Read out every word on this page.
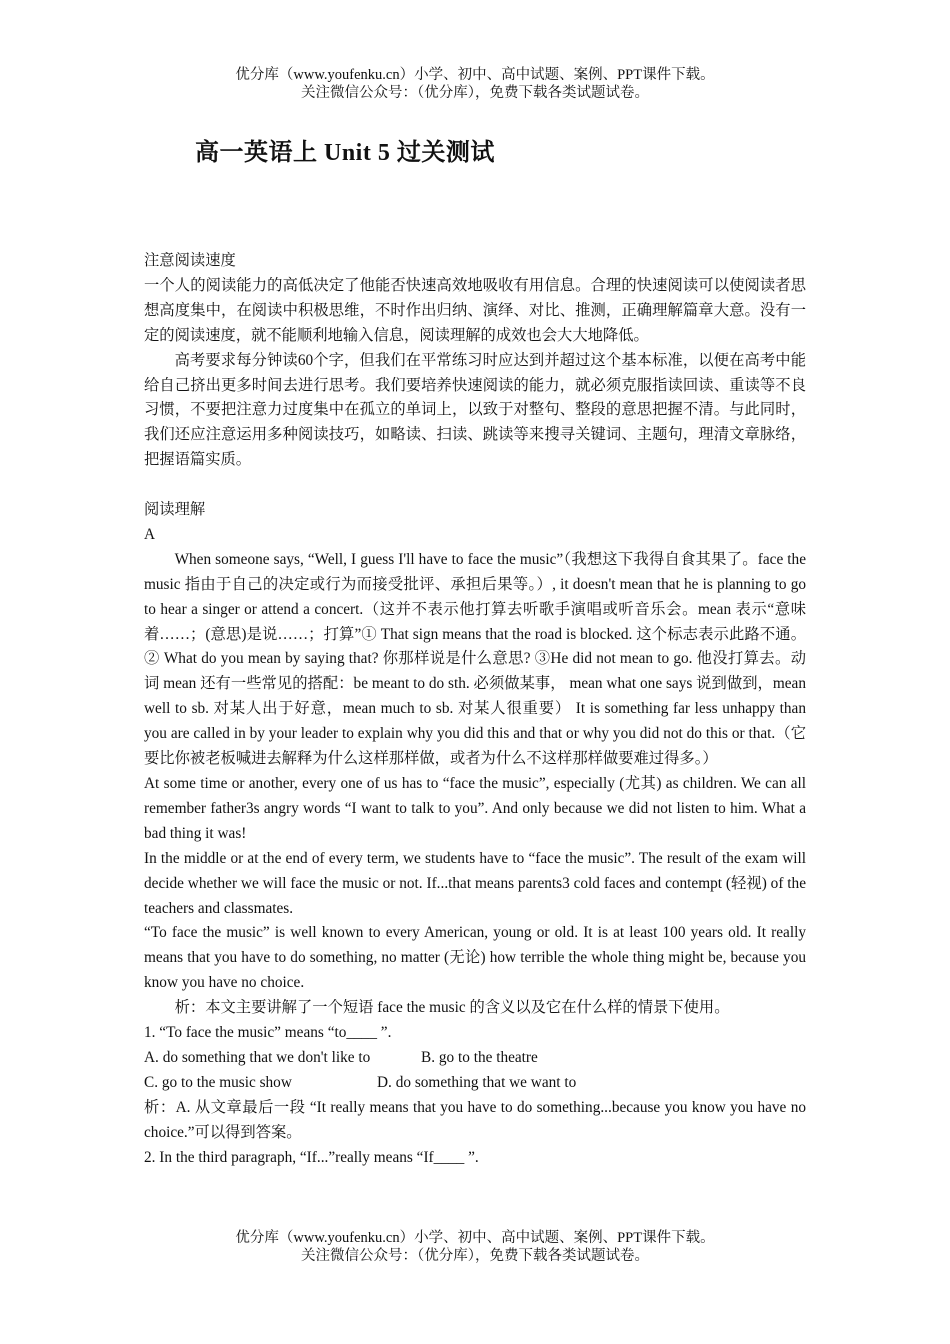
优分库（www.youfenku.cn）小学、初中、高中试题、案例、PPT课件下载。
关注微信公众号：（优分库），免费下载各类试题试卷。
高一英语上 Unit 5 过关测试

注意阅读速度

一个人的阅读能力的高低决定了他能否快速高效地吸收有用信息。合理的快速阅读可以使阅读者思想高度集中，在阅读中积极思维，不时作出归纳、演绎、对比、推测，正确理解篇章大意。没有一定的阅读速度，就不能顺利地输入信息，阅读理解的成效也会大大地降低。

高考要求每分钟读60个字，但我们在平常练习时应达到并超过这个基本标准，以便在高考中能给自己挤出更多时间去进行思考。我们要培养快速阅读的能力，就必须克服指读回读、重读等不良习惯，不要把注意力过度集中在孤立的单词上，以致于对整句、整段的意思把握不清。与此同时，我们还应注意运用多种阅读技巧，如略读、扫读、跳读等来搜寻关键词、主题句，理清文章脉络，把握语篇实质。

阅读理解

A

When someone says, “Well, I guess I'll have to face the music”（我想这下我得自食其果了。face the music 指由于自己的决定或行为而接受批评、承担后果等。）, it doesn't mean that he is planning to go to hear a singer or attend a concert.（这并不表示他打算去听歌手演唱或听音乐会。mean 表示“意味着……；(意思)是说……；打算”① That sign means that the road is blocked. 这个标志表示此路不通。② What do you mean by saying that? 你那样说是什么意思? ③He did not mean to go. 他没打算去。动词 mean 还有一些常见的搭配：be meant to do sth. 必须做某事， mean what one says 说到做到，mean well to sb. 对某人出于好意，mean much to sb. 对某人很重要） It is something far less unhappy than you are called in by your leader to explain why you did this and that or why you did not do this or that.（它要比你被老板喊进去解释为什么这样那样做，或者为什么不这样那样做要难过得多。）

At some time or another, every one of us has to “face the music”, especially (尤其) as children. We can all remember father3s angry words “I want to talk to you”. And only because we did not listen to him. What a bad thing it was!

In the middle or at the end of every term, we students have to “face the music”. The result of the exam will decide whether we will face the music or not. If...that means parents3 cold faces and contempt (轻视) of the teachers and classmates.

“To face the music” is well known to every American, young or old. It is at least 100 years old. It really means that you have to do something, no matter (无论) how terrible the whole thing might be, because you know you have no choice.

析：本文主要讲解了一个短语 face the music 的含义以及它在什么样的情景下使用。

1. “To face the music” means “to____ ”.

A. do something that we don't like to	B. go to the theatre
C. go to the music show	D. do something that we want to

析：A. 从文章最后一段 “It really means that you have to do something...because you know you have no choice.”可以得到答案。

2. In the third paragraph, “If...”really means “If____ ”.

优分库（www.youfenku.cn）小学、初中、高中试题、案例、PPT课件下载。
关注微信公众号：（优分库），免费下载各类试题试卷。
